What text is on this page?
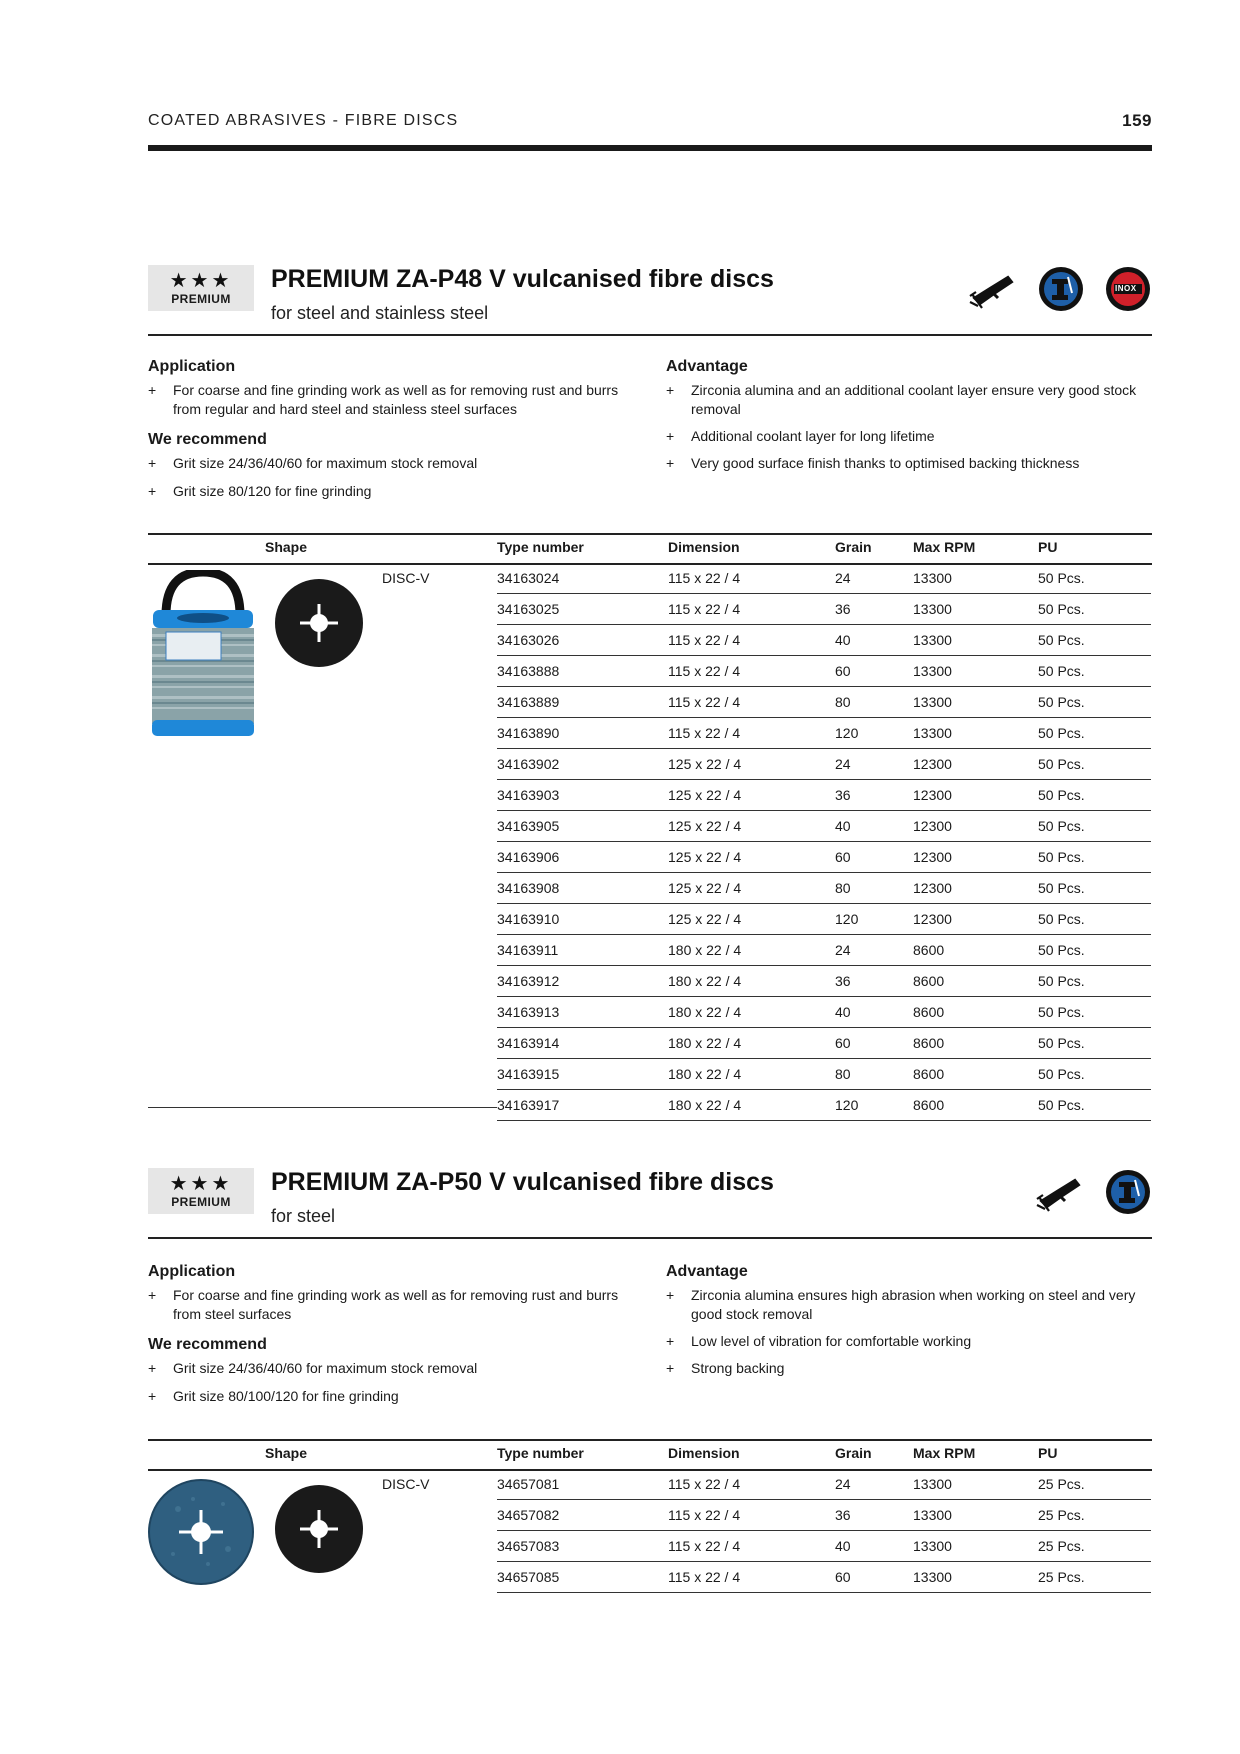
COATED ABRASIVES - FIBRE DISCS	159
★★★
PREMIUM
PREMIUM ZA-P48 V vulcanised fibre discs
for steel and stainless steel
INOX
Application
+	For coarse and fine grinding work as well as for removing rust and burrs from regular and hard steel and stainless steel surfaces
We recommend
+	Grit size 24/36/40/60 for maximum stock removal
+	Grit size 80/120 for fine grinding
Advantage
+	Zirconia alumina and an additional coolant layer ensure very good stock removal
+	Additional coolant layer for long lifetime
+	Very good surface finish thanks to optimised backing thickness
Shape	Type number	Dimension	Grain	Max RPM	PU
DISC-V	34163024	115 x 22 / 4	24	13300	50 Pcs.
34163025	115 x 22 / 4	36	13300	50 Pcs.
34163026	115 x 22 / 4	40	13300	50 Pcs.
34163888	115 x 22 / 4	60	13300	50 Pcs.
34163889	115 x 22 / 4	80	13300	50 Pcs.
34163890	115 x 22 / 4	120	13300	50 Pcs.
34163902	125 x 22 / 4	24	12300	50 Pcs.
34163903	125 x 22 / 4	36	12300	50 Pcs.
34163905	125 x 22 / 4	40	12300	50 Pcs.
34163906	125 x 22 / 4	60	12300	50 Pcs.
34163908	125 x 22 / 4	80	12300	50 Pcs.
34163910	125 x 22 / 4	120	12300	50 Pcs.
34163911	180 x 22 / 4	24	8600	50 Pcs.
34163912	180 x 22 / 4	36	8600	50 Pcs.
34163913	180 x 22 / 4	40	8600	50 Pcs.
34163914	180 x 22 / 4	60	8600	50 Pcs.
34163915	180 x 22 / 4	80	8600	50 Pcs.
34163917	180 x 22 / 4	120	8600	50 Pcs.
★★★
PREMIUM
PREMIUM ZA-P50 V vulcanised fibre discs
for steel
Application
+	For coarse and fine grinding work as well as for removing rust and burrs from steel surfaces
We recommend
+	Grit size 24/36/40/60 for maximum stock removal
+	Grit size 80/100/120 for fine grinding
Advantage
+	Zirconia alumina ensures high abrasion when working on steel and very good stock removal
+	Low level of vibration for comfortable working
+	Strong backing
Shape	Type number	Dimension	Grain	Max RPM	PU
DISC-V	34657081	115 x 22 / 4	24	13300	25 Pcs.
34657082	115 x 22 / 4	36	13300	25 Pcs.
34657083	115 x 22 / 4	40	13300	25 Pcs.
34657085	115 x 22 / 4	60	13300	25 Pcs.
